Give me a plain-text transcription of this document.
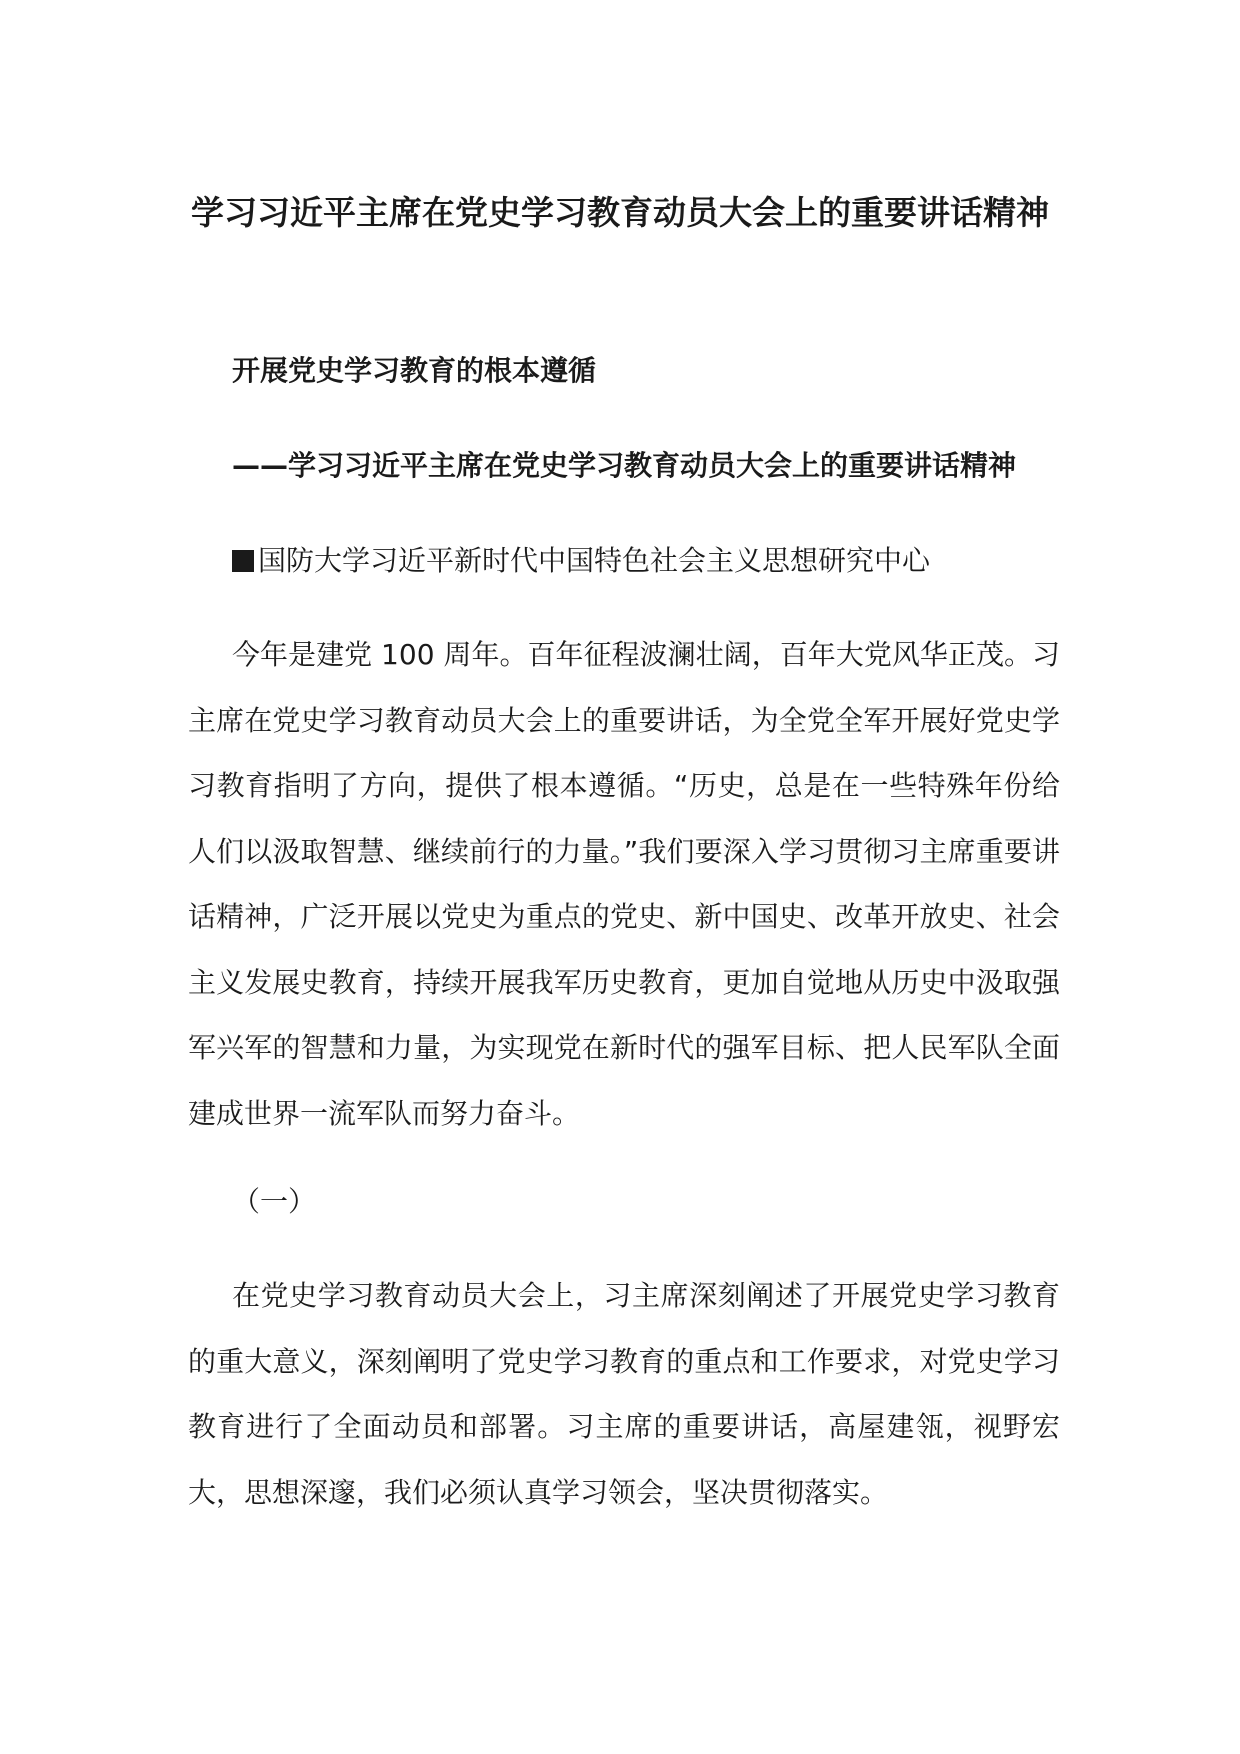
学习习近平主席在党史学习教育动员大会上的重要讲话精神

开展党史学习教育的根本遵循

——学习习近平主席在党史学习教育动员大会上的重要讲话精神

国防大学习近平新时代中国特色社会主义思想研究中心

今年是建党 100 周年。百年征程波澜壮阔，百年大党风华正茂。习主席在党史学习教育动员大会上的重要讲话，为全党全军开展好党史学习教育指明了方向，提供了根本遵循。“历史，总是在一些特殊年份给人们以汲取智慧、继续前行的力量。”我们要深入学习贯彻习主席重要讲话精神，广泛开展以党史为重点的党史、新中国史、改革开放史、社会主义发展史教育，持续开展我军历史教育，更加自觉地从历史中汲取强军兴军的智慧和力量，为实现党在新时代的强军目标、把人民军队全面建成世界一流军队而努力奋斗。

（一）

在党史学习教育动员大会上，习主席深刻阐述了开展党史学习教育的重大意义，深刻阐明了党史学习教育的重点和工作要求，对党史学习教育进行了全面动员和部署。习主席的重要讲话，高屋建瓴，视野宏大，思想深邃，我们必须认真学习领会，坚决贯彻落实。
